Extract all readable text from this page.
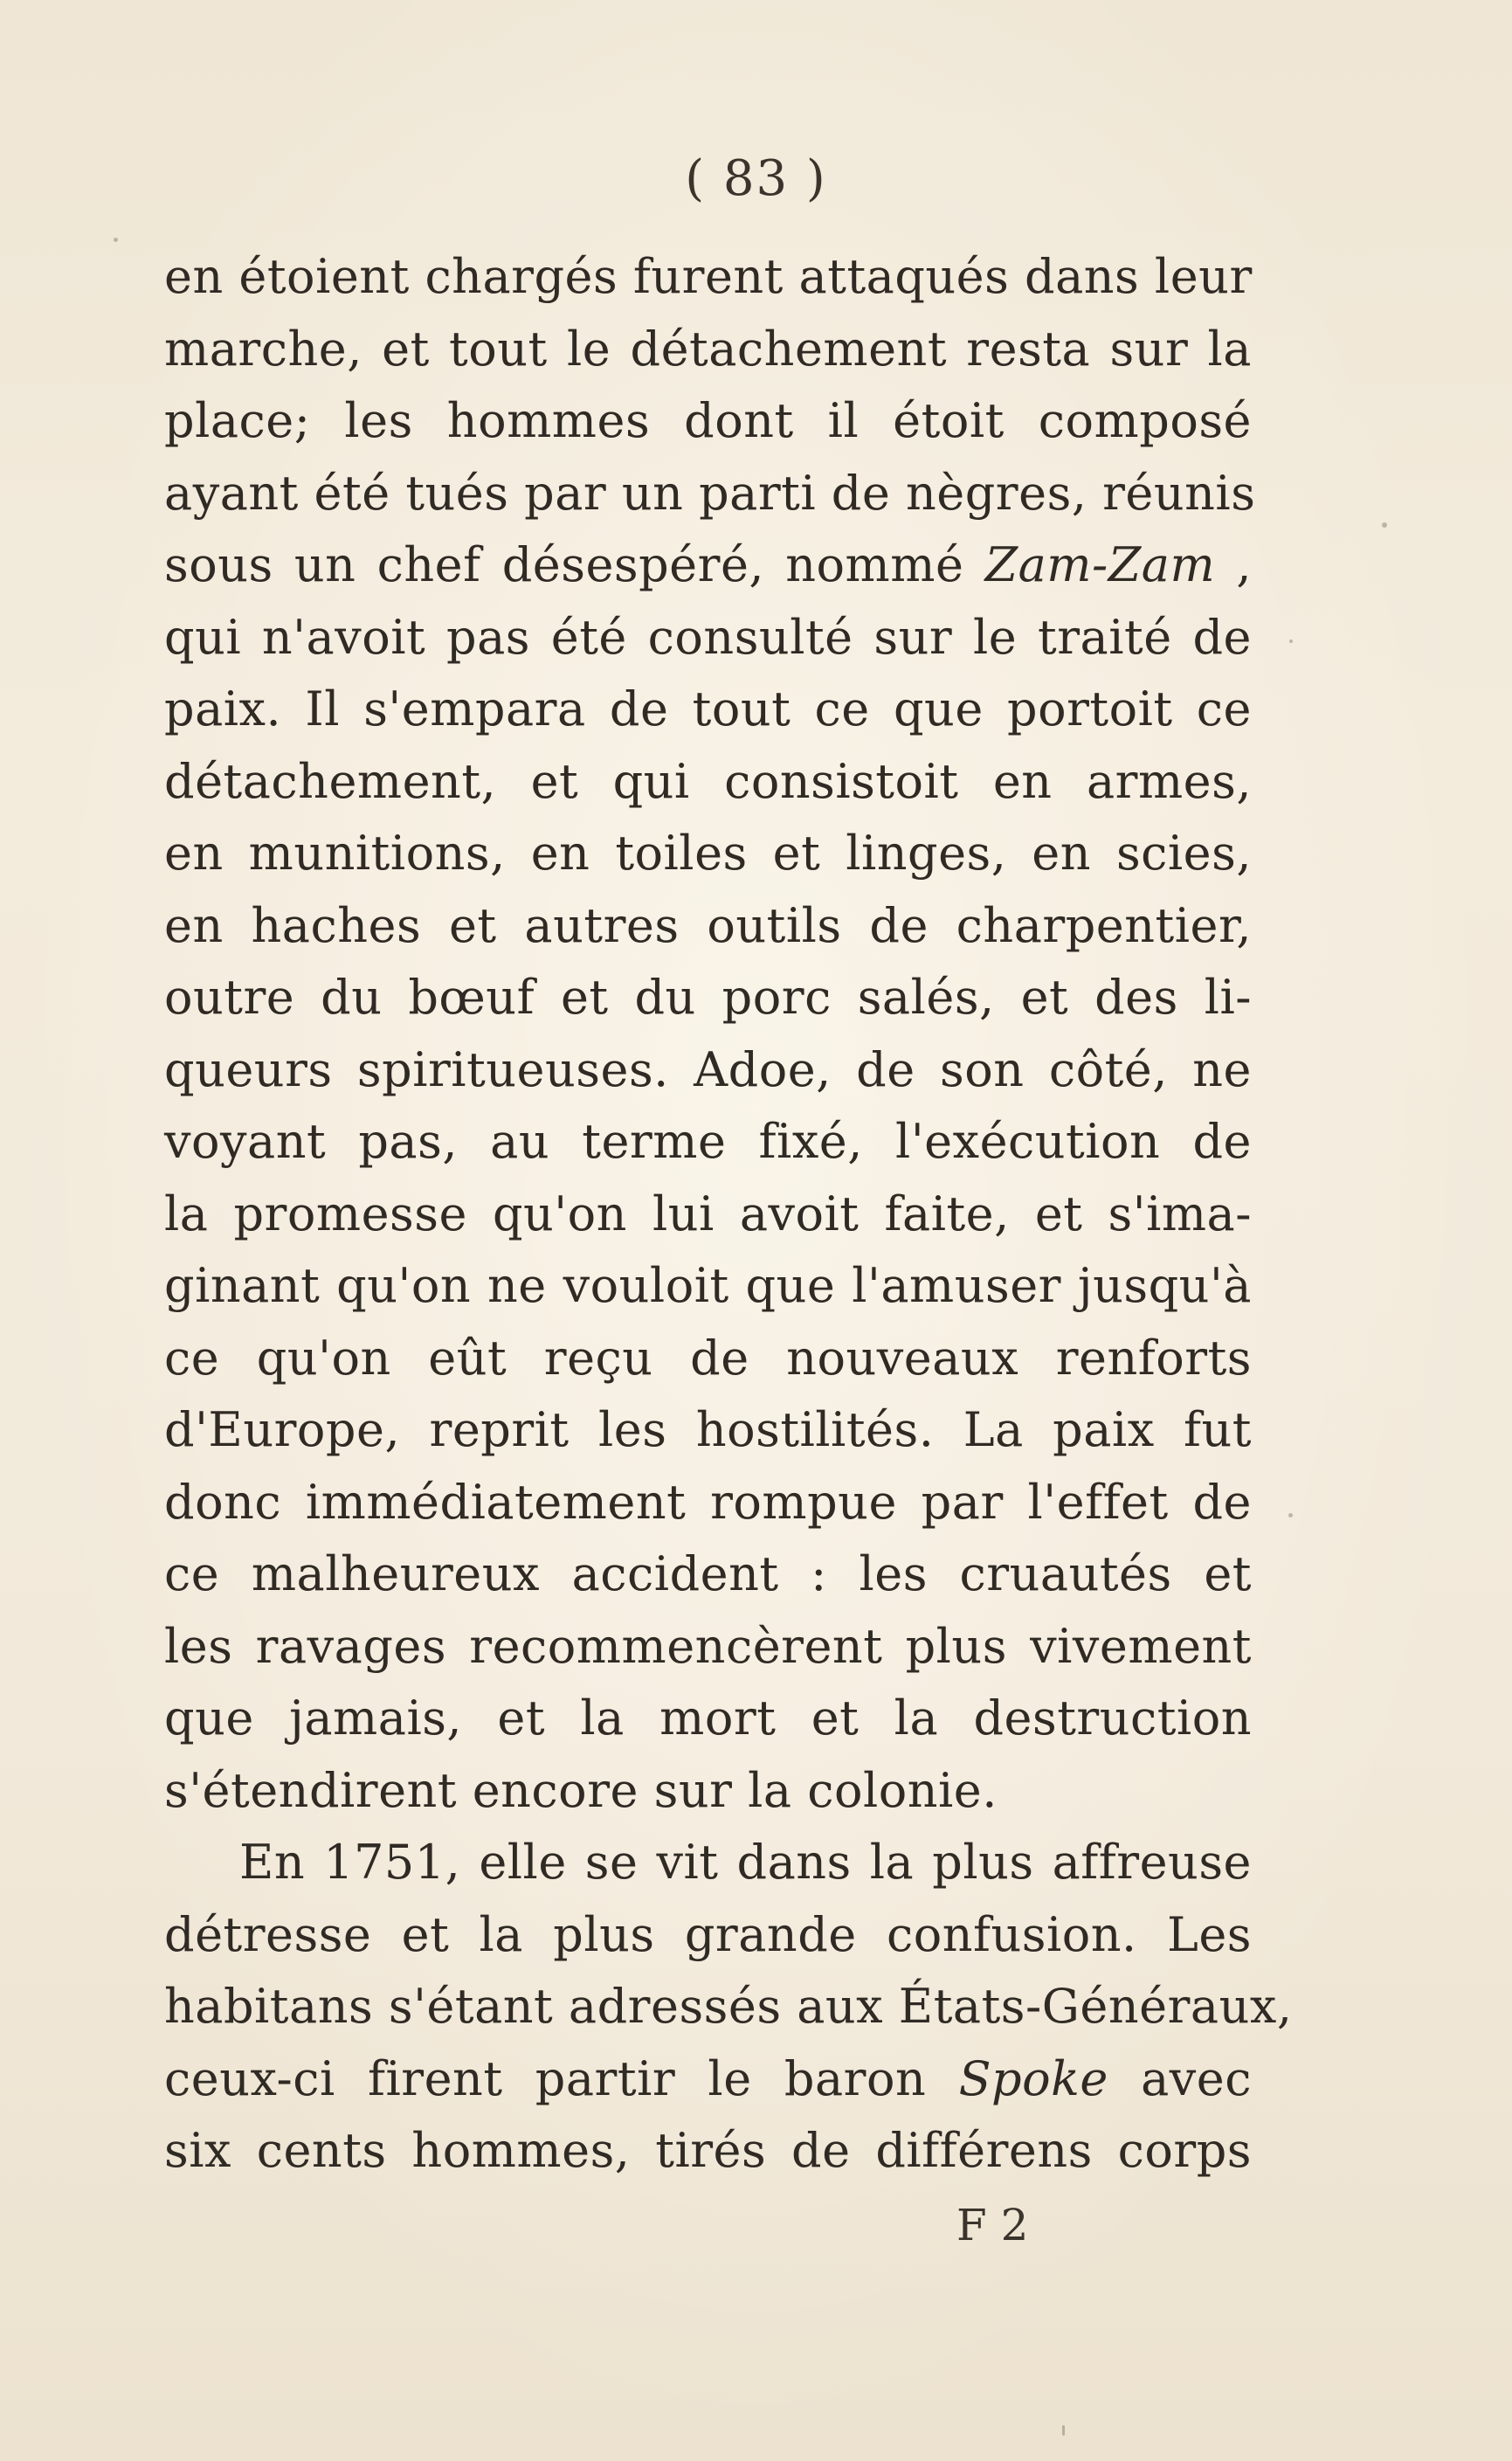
( 83 )
en étoient chargés furent attaqués dans leur
marche, et tout le détachement resta sur la
place; les hommes dont il étoit composé
ayant été tués par un parti de nègres, réunis
sous un chef désespéré, nommé Zam-Zam ,
qui n'avoit pas été consulté sur le traité de
paix. Il s'empara de tout ce que portoit ce
détachement, et qui consistoit en armes,
en munitions, en toiles et linges, en scies,
en haches et autres outils de charpentier,
outre du bœuf et du porc salés, et des li-
queurs spiritueuses. Adoe, de son côté, ne
voyant pas, au terme fixé, l'exécution de
la promesse qu'on lui avoit faite, et s'ima-
ginant qu'on ne vouloit que l'amuser jusqu'à
ce qu'on eût reçu de nouveaux renforts
d'Europe, reprit les hostilités. La paix fut
donc immédiatement rompue par l'effet de
ce malheureux accident : les cruautés et
les ravages recommencèrent plus vivement
que jamais, et la mort et la destruction
s'étendirent encore sur la colonie.
En 1751, elle se vit dans la plus affreuse
détresse et la plus grande confusion. Les
habitans s'étant adressés aux États-Généraux,
ceux-ci firent partir le baron Spoke avec
six cents hommes, tirés de différens corps
F 2
